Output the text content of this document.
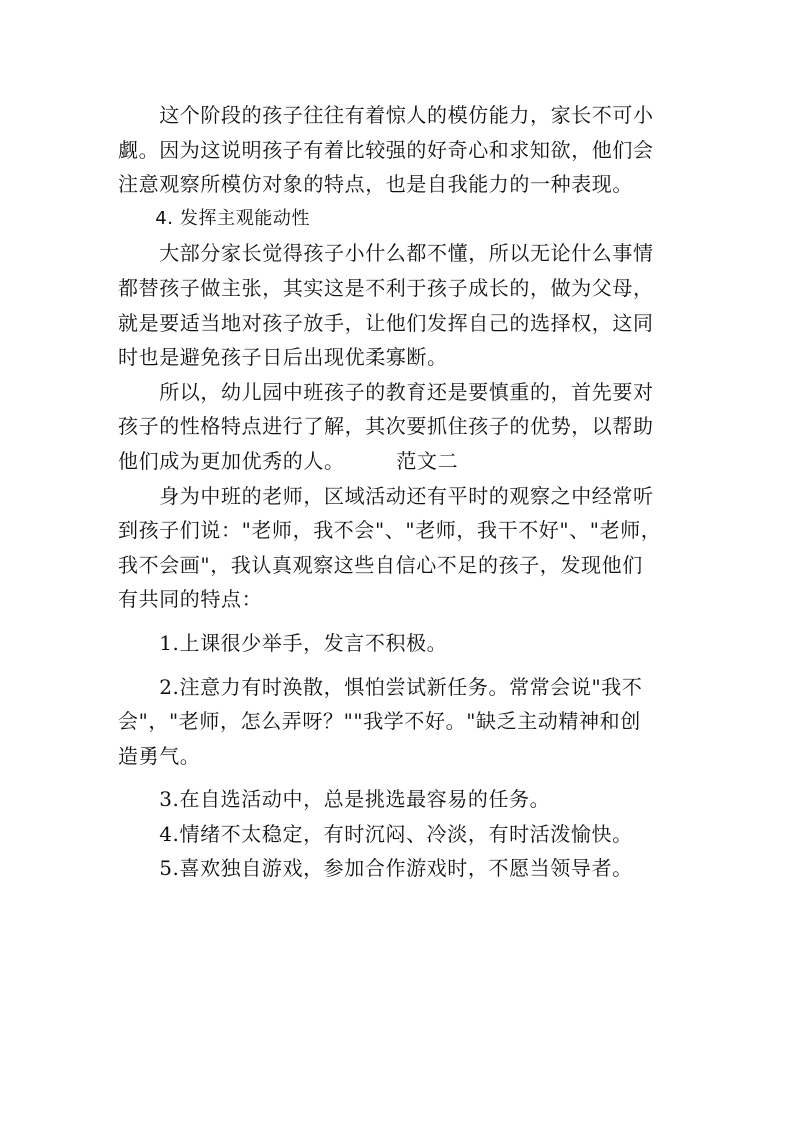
　　这个阶段的孩子往往有着惊人的模仿能力，家长不可小
觑。因为这说明孩子有着比较强的好奇心和求知欲，他们会
注意观察所模仿对象的特点，也是自我能力的一种表现。
　　4. 发挥主观能动性
　　大部分家长觉得孩子小什么都不懂，所以无论什么事情
都替孩子做主张，其实这是不利于孩子成长的，做为父母，
就是要适当地对孩子放手，让他们发挥自己的选择权，这同
时也是避免孩子日后出现优柔寡断。
　　所以，幼儿园中班孩子的教育还是要慎重的，首先要对
孩子的性格特点进行了解，其次要抓住孩子的优势，以帮助
他们成为更加优秀的人。　　　范文二
　　身为中班的老师，区域活动还有平时的观察之中经常听
到孩子们说："老师，我不会"、"老师，我干不好"、"老师，
我不会画"，我认真观察这些自信心不足的孩子，发现他们
有共同的特点：
　　1.上课很少举手，发言不积极。
　　2.注意力有时涣散，惧怕尝试新任务。常常会说"我不
会"，"老师，怎么弄呀？""我学不好。"缺乏主动精神和创
造勇气。
　　3.在自选活动中，总是挑选最容易的任务。
　　4.情绪不太稳定，有时沉闷、冷淡，有时活泼愉快。
　　5.喜欢独自游戏，参加合作游戏时，不愿当领导者。
